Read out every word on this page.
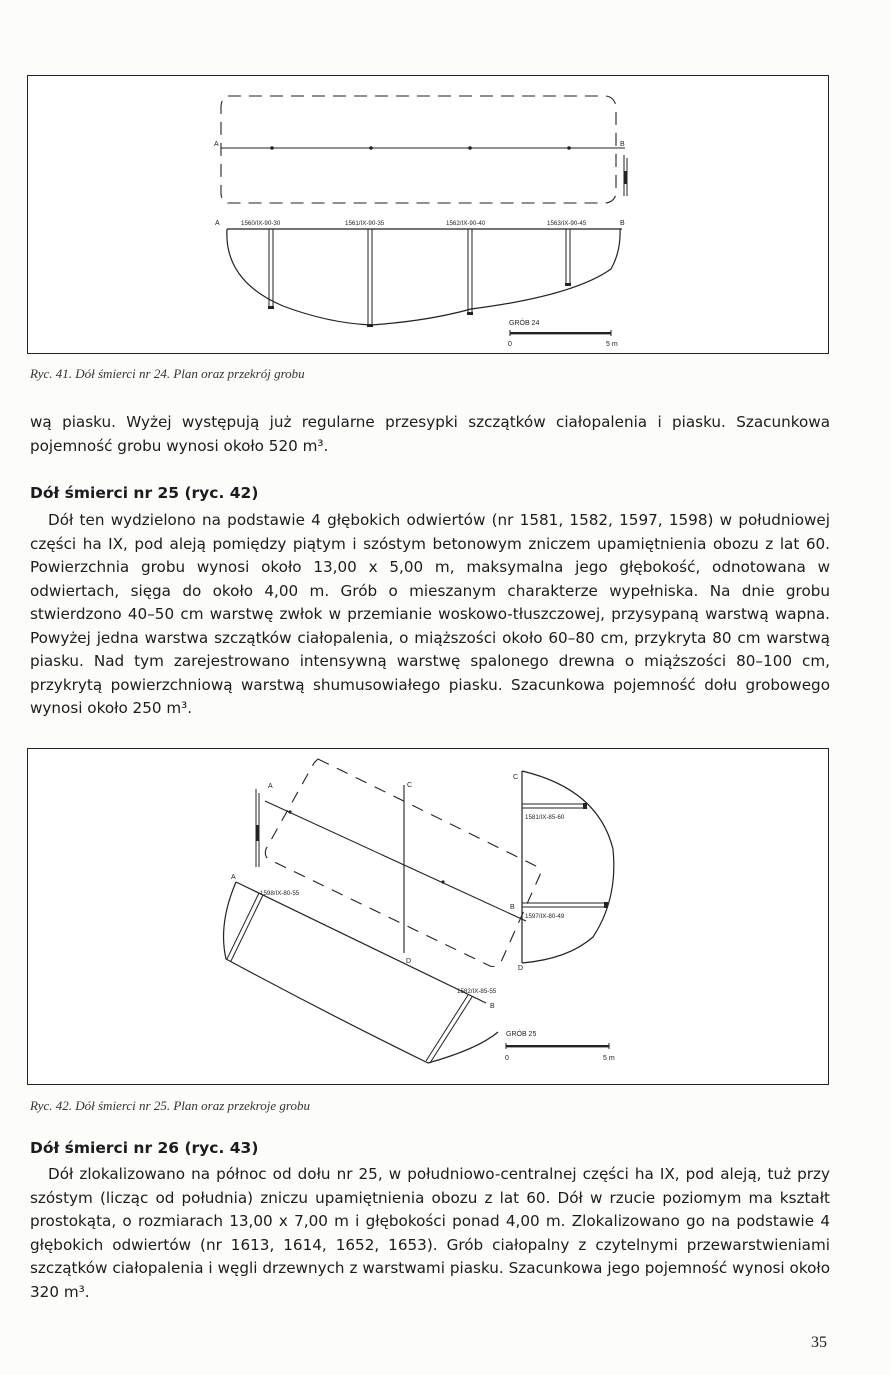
A	B
A	B
1560/IX-90-30	1561/IX-90-35	1562/IX-90-40	1563/IX-90-45
GRÓB 24
0	5 m

Ryc. 41. Dół śmierci nr 24. Plan oraz przekrój grobu

wą piasku. Wyżej występują już regularne przesypki szczątków ciałopalenia i piasku. Szacunkowa pojemność grobu wynosi około 520 m³.

Dół śmierci nr 25 (ryc. 42)

Dół ten wydzielono na podstawie 4 głębokich odwiertów (nr 1581, 1582, 1597, 1598) w południowej części ha IX, pod aleją pomiędzy piątym i szóstym betonowym zniczem upamiętnienia obozu z lat 60. Powierzchnia grobu wynosi około 13,00 x 5,00 m, maksymalna jego głębokość, odnotowana w odwiertach, sięga do około 4,00 m. Grób o mieszanym charakterze wypełniska. Na dnie grobu stwierdzono 40–50 cm warstwę zwłok w przemianie woskowo-tłuszczowej, przysypaną warstwą wapna. Powyżej jedna warstwa szczątków ciałopalenia, o miąższości około 60–80 cm, przykryta 80 cm warstwą piasku. Nad tym zarejestrowano intensywną warstwę spalonego drewna o miąższości 80–100 cm, przykrytą powierzchniową warstwą shumusowiałego piasku. Szacunkowa pojemność dołu grobowego wynosi około 250 m³.

A	C
B
D
C
D
1581/IX-85-60
1597/IX-80-49
A
B
1598/IX-80-55
1582/IX-85-55
GRÓB 25
0	5 m

Ryc. 42. Dół śmierci nr 25. Plan oraz przekroje grobu

Dół śmierci nr 26 (ryc. 43)

Dół zlokalizowano na północ od dołu nr 25, w południowo-centralnej części ha IX, pod aleją, tuż przy szóstym (licząc od południa) zniczu upamiętnienia obozu z lat 60. Dół w rzucie poziomym ma kształt prostokąta, o rozmiarach 13,00 x 7,00 m i głębokości ponad 4,00 m. Zlokalizowano go na podstawie 4 głębokich odwiertów (nr 1613, 1614, 1652, 1653). Grób ciałopalny z czytelnymi przewarstwieniami szczątków ciałopalenia i węgli drzewnych z warstwami piasku. Szacunkowa jego pojemność wynosi około 320 m³.

35
